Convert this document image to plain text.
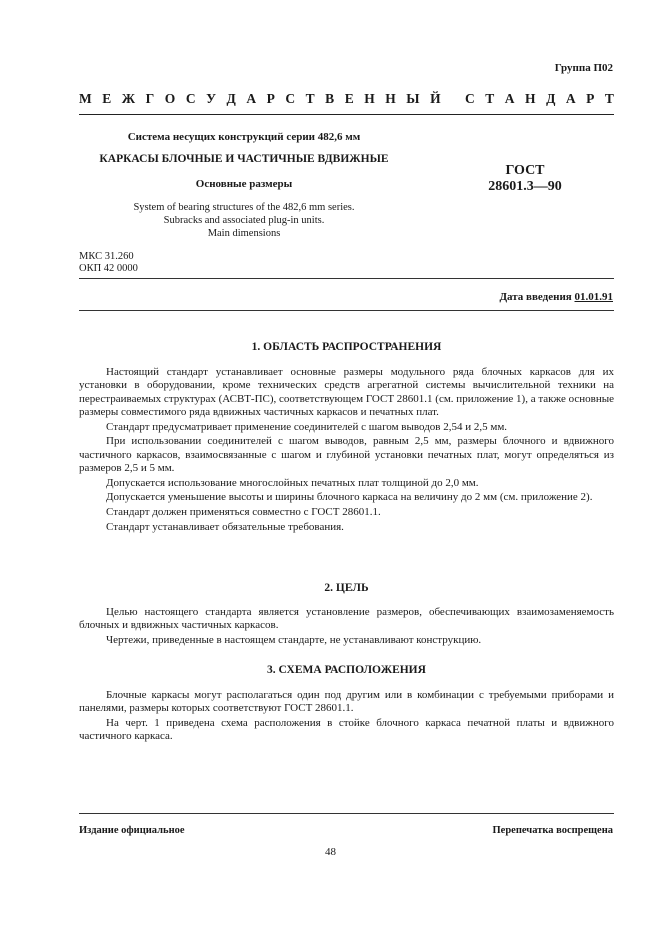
Группа П02
М Е Ж Г О С У Д А Р С Т В Е Н Н Ы Й
С Т А Н Д А Р Т
Система несущих конструкций серии 482,6 мм
КАРКАСЫ БЛОЧНЫЕ И ЧАСТИЧНЫЕ ВДВИЖНЫЕ
Основные размеры
System of bearing structures of the 482,6 mm series.
Subracks and associated plug-in units.
Main dimensions
ГОСТ
28601.3—90
МКС 31.260
ОКП 42 0000
Дата введения 01.01.91
1. ОБЛАСТЬ РАСПРОСТРАНЕНИЯ

Настоящий стандарт устанавливает основные размеры модульного ряда блочных каркасов для их установки в оборудовании, кроме технических средств агрегатной системы вычислительной техники на перестраиваемых структурах (АСВТ-ПС), соответствующем ГОСТ 28601.1 (см. приложение 1), а также основные размеры совместимого ряда вдвижных частичных каркасов и печатных плат.

Стандарт предусматривает применение соединителей с шагом выводов 2,54 и 2,5 мм.

При использовании соединителей с шагом выводов, равным 2,5 мм, размеры блочного и вдвижного частичного каркасов, взаимосвязанные с шагом и глубиной установки печатных плат, могут определяться из размеров 2,5 и 5 мм.

Допускается использование многослойных печатных плат толщиной до 2,0 мм.

Допускается уменьшение высоты и ширины блочного каркаса на величину до 2 мм (см. приложение 2).

Стандарт должен применяться совместно с ГОСТ 28601.1.

Стандарт устанавливает обязательные требования.

2. ЦЕЛЬ

Целью настоящего стандарта является установление размеров, обеспечивающих взаимозаменяемость блочных и вдвижных частичных каркасов.

Чертежи, приведенные в настоящем стандарте, не устанавливают конструкцию.

3. СХЕМА РАСПОЛОЖЕНИЯ

Блочные каркасы могут располагаться один под другим или в комбинации с требуемыми приборами и панелями, размеры которых соответствуют ГОСТ 28601.1.

На черт. 1 приведена схема расположения в стойке блочного каркаса печатной платы и вдвижного частичного каркаса.

Издание официальное	Перепечатка воспрещена
48
